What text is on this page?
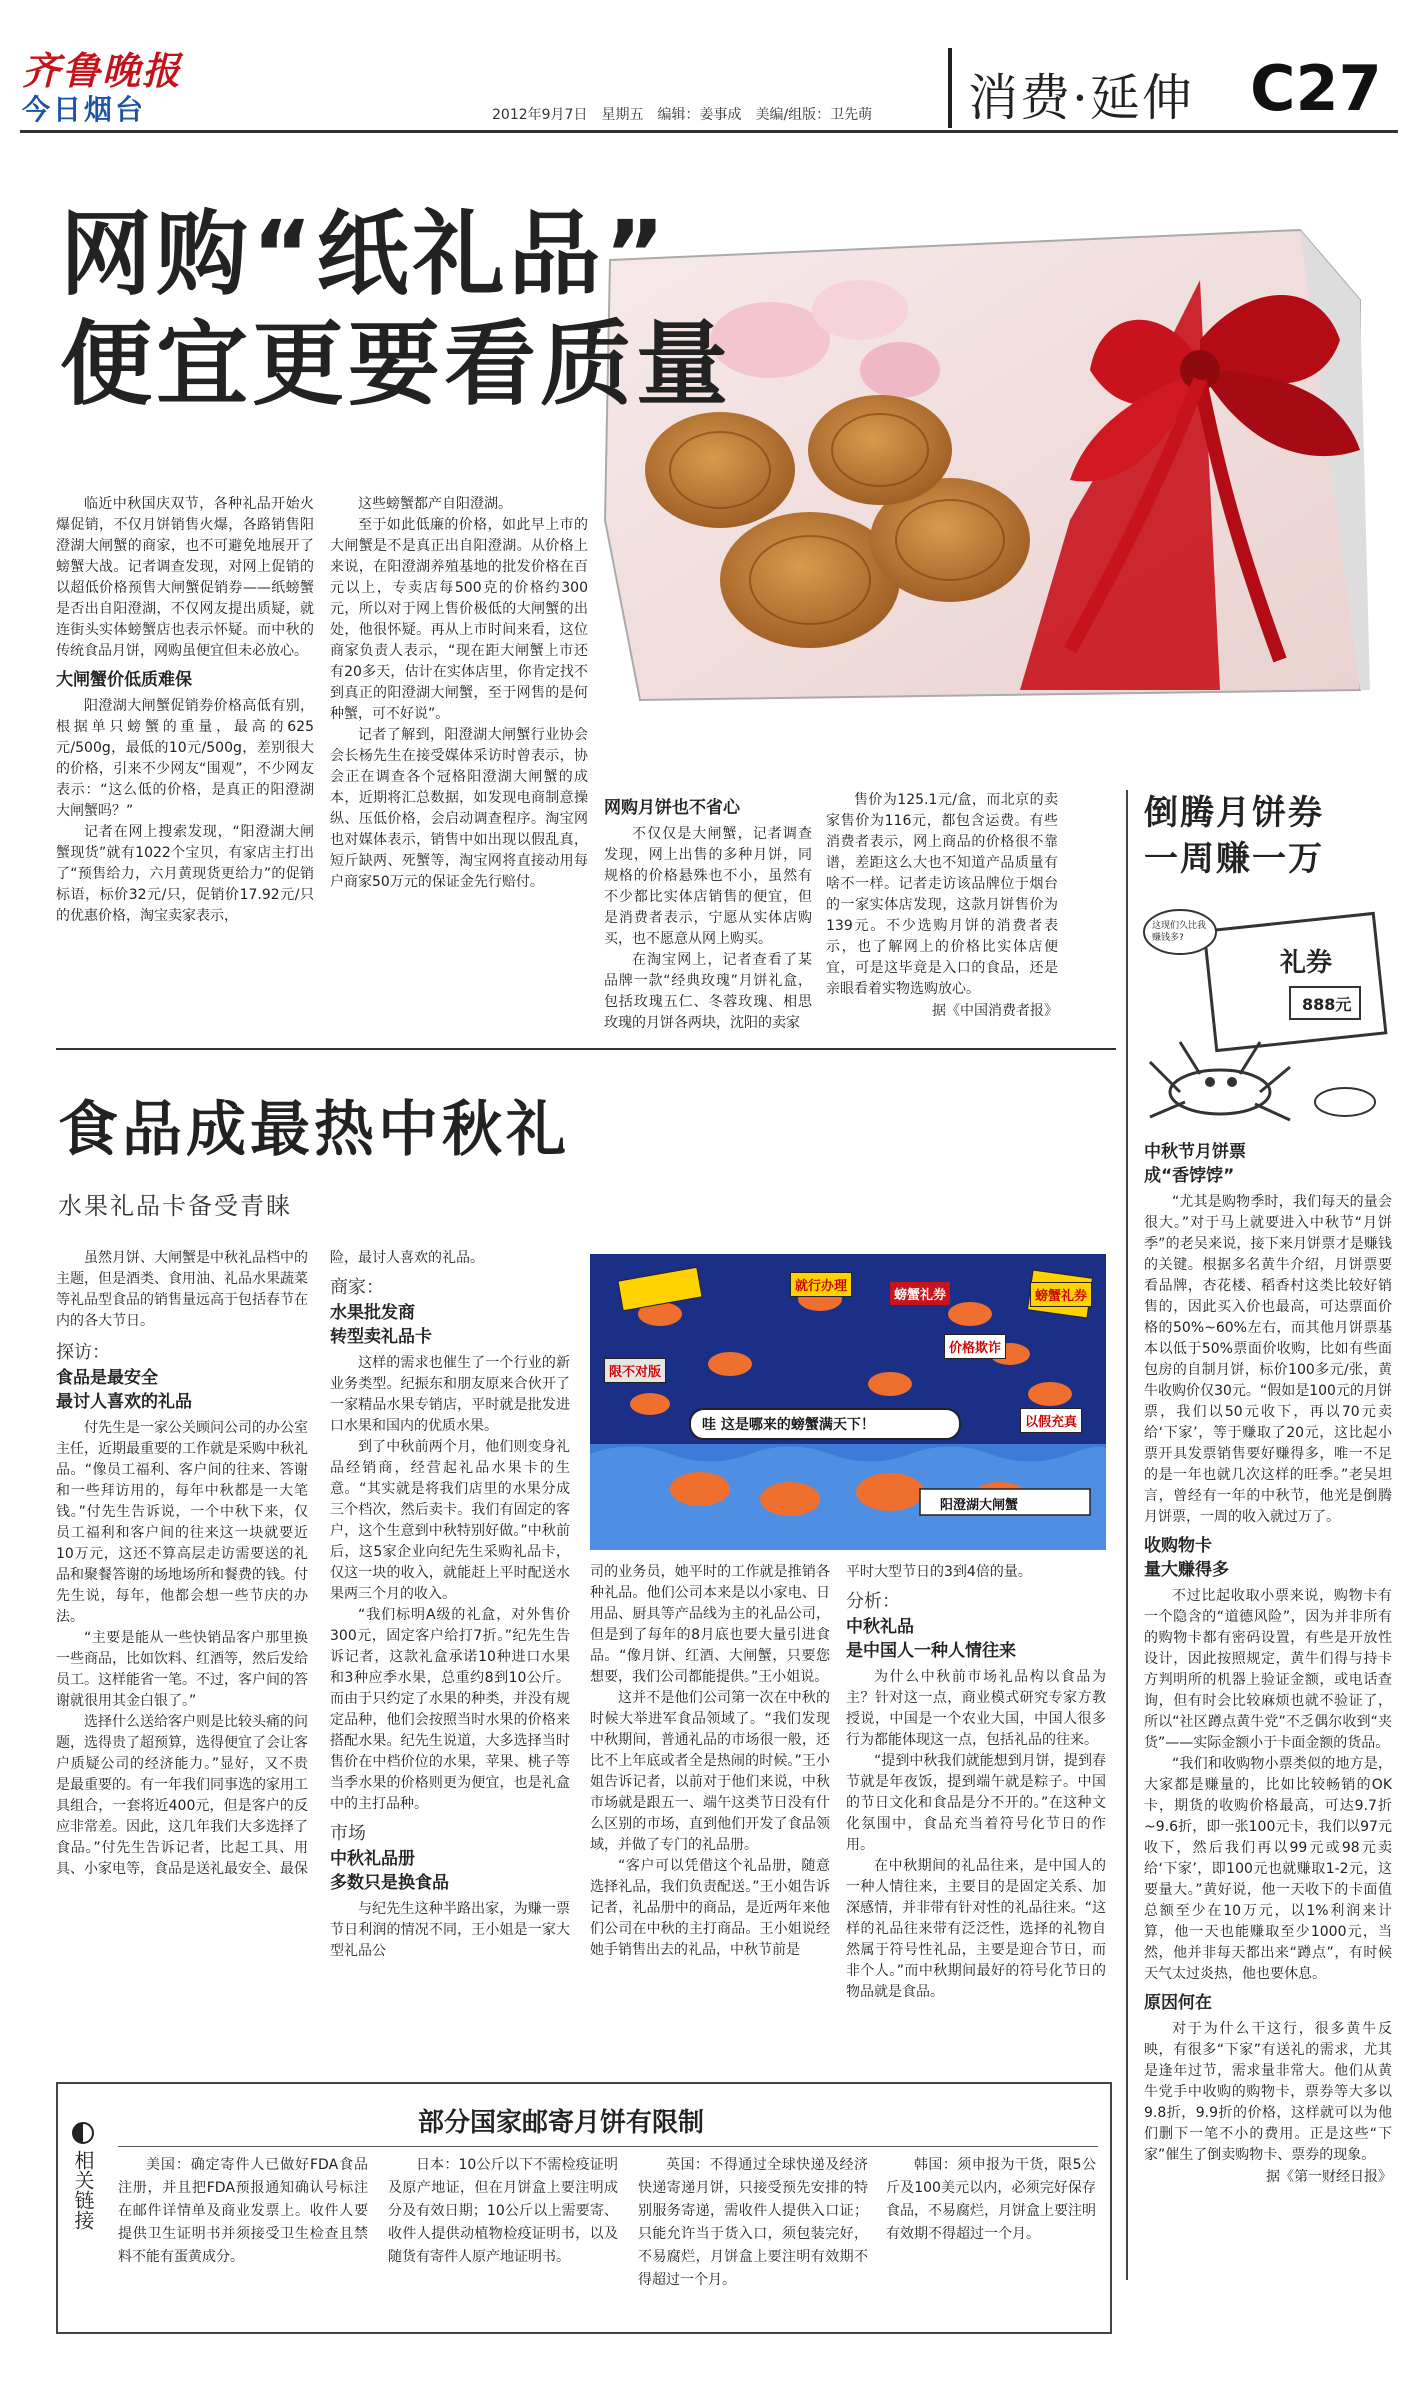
齐鲁晚报
今日烟台	2012年9月7日　星期五　编辑：姜事成　美编/组版：卫先萌 消费·延伸 C27
网购“纸礼品”
便宜更要看质量

临近中秋国庆双节，各种礼品开始火爆促销，不仅月饼销售火爆，各路销售阳澄湖大闸蟹的商家，也不可避免地展开了螃蟹大战。记者调查发现，对网上促销的以超低价格预售大闸蟹促销券——纸螃蟹是否出自阳澄湖，不仅网友提出质疑，就连街头实体螃蟹店也表示怀疑。而中秋的传统食品月饼，网购虽便宜但未必放心。

大闸蟹价低质难保

阳澄湖大闸蟹促销券价格高低有别，根据单只螃蟹的重量，最高的625元/500g，最低的10元/500g，差别很大的价格，引来不少网友“围观”，不少网友表示：“这么低的价格，是真正的阳澄湖大闸蟹吗？”

记者在网上搜索发现，“阳澄湖大闸蟹现货”就有1022个宝贝，有家店主打出了“预售给力，六月黄现货更给力”的促销标语，标价32元/只，促销价17.92元/只的优惠价格，淘宝卖家表示，

这些螃蟹都产自阳澄湖。

至于如此低廉的价格，如此早上市的大闸蟹是不是真正出自阳澄湖。从价格上来说，在阳澄湖养殖基地的批发价格在百元以上，专卖店每500克的价格约300元，所以对于网上售价极低的大闸蟹的出处，他很怀疑。再从上市时间来看，这位商家负责人表示，“现在距大闸蟹上市还有20多天，估计在实体店里，你肯定找不到真正的阳澄湖大闸蟹，至于网售的是何种蟹，可不好说”。

记者了解到，阳澄湖大闸蟹行业协会会长杨先生在接受媒体采访时曾表示，协会正在调查各个冠格阳澄湖大闸蟹的成本，近期将汇总数据，如发现电商制意操纵、压低价格，会启动调查程序。淘宝网也对媒体表示，销售中如出现以假乱真，短斤缺两、死蟹等，淘宝网将直接动用每户商家50万元的保证金先行赔付。

网购月饼也不省心

不仅仅是大闸蟹，记者调查发现，网上出售的多种月饼，同规格的价格悬殊也不小，虽然有不少都比实体店销售的便宜，但是消费者表示，宁愿从实体店购买，也不愿意从网上购买。

在淘宝网上，记者查看了某品牌一款“经典玫瑰”月饼礼盒，包括玫瑰五仁、冬蓉玫瑰、相思玫瑰的月饼各两块，沈阳的卖家

售价为125.1元/盒，而北京的卖家售价为116元，都包含运费。有些消费者表示，网上商品的价格很不靠谱，差距这么大也不知道产品质量有啥不一样。记者走访该品牌位于烟台的一家实体店发现，这款月饼售价为139元。不少选购月饼的消费者表示，也了解网上的价格比实体店便宜，可是这毕竟是入口的食品，还是亲眼看着实物选购放心。

据《中国消费者报》
倒腾月饼券
一周赚一万
礼券
888元
这现们久比我赚钱多?
中秋节月饼票
成“香饽饽”

“尤其是购物季时，我们每天的量会很大。”对于马上就要进入中秋节“月饼季”的老吴来说，接下来月饼票才是赚钱的关键。根据多名黄牛介绍，月饼票要看品牌，杏花楼、稻香村这类比较好销售的，因此买入价也最高，可达票面价格的50%~60%左右，而其他月饼票基本以低于50%票面价收购，比如有些面包房的自制月饼，标价100多元/张，黄牛收购价仅30元。“假如是100元的月饼票，我们以50元收下，再以70元卖给‘下家’，等于赚取了20元，这比起小票开具发票销售要好赚得多，唯一不足的是一年也就几次这样的旺季。”老吴坦言，曾经有一年的中秋节，他光是倒腾月饼票，一周的收入就过万了。

收购物卡
量大赚得多

不过比起收取小票来说，购物卡有一个隐含的“道德风险”，因为并非所有的购物卡都有密码设置，有些是开放性设计，因此按照规定，黄牛们得与持卡方判明所的机器上验证金额，或电话查询，但有时会比较麻烦也就不验证了，所以“社区蹲点黄牛党”不乏偶尔收到“夹货”——实际金额小于卡面金额的货品。

“我们和收购物小票类似的地方是，大家都是赚量的，比如比较畅销的OK卡，期货的收购价格最高，可达9.7折~9.6折，即一张100元卡，我们以97元收下，然后我们再以99元或98元卖给‘下家’，即100元也就赚取1-2元，这要量大。”黄好说，他一天收下的卡面值总额至少在10万元，以1%利润来计算，他一天也能赚取至少1000元，当然，他并非每天都出来“蹲点”，有时候天气太过炎热，他也要休息。

原因何在

对于为什么干这行，很多黄牛反映，有很多“下家”有送礼的需求，尤其是逢年过节，需求量非常大。他们从黄牛党手中收购的购物卡，票券等大多以9.8折，9.9折的价格，这样就可以为他们删下一笔不小的费用。正是这些“下家”催生了倒卖购物卡、票券的现象。

据《第一财经日报》
食品成最热中秋礼
水果礼品卡备受青睐
就行办理
螃蟹礼券
价格欺诈
限不对版
以假充真
螃蟹礼券
哇 这是哪来的螃蟹满天下！
阳澄湖大闸蟹

虽然月饼、大闸蟹是中秋礼品档中的主题，但是酒类、食用油、礼品水果蔬菜等礼品型食品的销售量远高于包括春节在内的各大节日。

探访：
食品是最安全
最讨人喜欢的礼品

付先生是一家公关顾问公司的办公室主任，近期最重要的工作就是采购中秋礼品。“像员工福利、客户间的往来、答谢和一些拜访用的，每年中秋都是一大笔钱。”付先生告诉说，一个中秋下来，仅员工福利和客户间的往来这一块就要近10万元，这还不算高层走访需要送的礼品和聚餐答谢的场地场所和餐费的钱。付先生说，每年，他都会想一些节庆的办法。

“主要是能从一些快销品客户那里换一些商品，比如饮料、红酒等，然后发给员工。这样能省一笔。不过，客户间的答谢就很用其金白银了。”

选择什么送给客户则是比较头痛的问题，选得贵了超预算，选得便宜了会让客户质疑公司的经济能力。”显好，又不贵是最重要的。有一年我们同事选的家用工具组合，一套将近400元，但是客户的反应非常差。因此，这几年我们大多选择了食品。”付先生告诉记者，比起工具、用具、小家电等，食品是送礼最安全、最保

险，最讨人喜欢的礼品。

商家：
水果批发商
转型卖礼品卡

这样的需求也催生了一个行业的新业务类型。纪振东和朋友原来合伙开了一家精品水果专销店，平时就是批发进口水果和国内的优质水果。

到了中秋前两个月，他们则变身礼品经销商，经营起礼品水果卡的生意。“其实就是将我们店里的水果分成三个档次，然后卖卡。我们有固定的客户，这个生意到中秋特别好做。”中秋前后，这5家企业向纪先生采购礼品卡，仅这一块的收入，就能赶上平时配送水果两三个月的收入。

“我们标明A级的礼盒，对外售价300元，固定客户给打7折。”纪先生告诉记者，这款礼盒承诺10种进口水果和3种应季水果，总重约8到10公斤。而由于只约定了水果的种类，并没有规定品种，他们会按照当时水果的价格来搭配水果。纪先生说道，大多选择当时售价在中档价位的水果，苹果、桃子等当季水果的价格则更为便宜，也是礼盒中的主打品种。

市场
中秋礼品册
多数只是换食品

与纪先生这种半路出家，为赚一票节日利润的情况不同，王小姐是一家大型礼品公

司的业务员，她平时的工作就是推销各种礼品。他们公司本来是以小家电、日用品、厨具等产品线为主的礼品公司，但是到了每年的8月底也要大量引进食品。“像月饼、红酒、大闸蟹，只要您想要，我们公司都能提供。”王小姐说。

这并不是他们公司第一次在中秋的时候大举进军食品领域了。“我们发现中秋期间，普通礼品的市场很一般，还比不上年底或者全是热闹的时候。”王小姐告诉记者，以前对于他们来说，中秋市场就是跟五一、端午这类节日没有什么区别的市场，直到他们开发了食品领域，并做了专门的礼品册。

“客户可以凭借这个礼品册，随意选择礼品，我们负责配送。”王小姐告诉记者，礼品册中的商品，是近两年来他们公司在中秋的主打商品。王小姐说经她手销售出去的礼品，中秋节前是

平时大型节日的3到4倍的量。

分析：
中秋礼品
是中国人一种人情往来

为什么中秋前市场礼品构以食品为主？针对这一点，商业模式研究专家方教授说，中国是一个农业大国，中国人很多行为都能体现这一点，包括礼品的往来。

“提到中秋我们就能想到月饼，提到春节就是年夜饭，提到端午就是粽子。中国的节日文化和食品是分不开的。”在这种文化氛围中，食品充当着符号化节日的作用。

在中秋期间的礼品往来，是中国人的一种人情往来，主要目的是固定关系、加深感情，并非带有针对性的礼品往来。“这样的礼品往来带有泛泛性，选择的礼物自然属于符号性礼品，主要是迎合节日，而非个人。”而中秋期间最好的符号化节日的物品就是食品。

相关链接
部分国家邮寄月饼有限制
美国：确定寄件人已做好FDA食品注册，并且把FDA预报通知确认号标注在邮件详情单及商业发票上。收件人要提供卫生证明书并须接受卫生检查且禁料不能有蛋黄成分。
日本：10公斤以下不需检疫证明及原产地证，但在月饼盒上要注明成分及有效日期；10公斤以上需要寄、收件人提供动植物检疫证明书，以及随货有寄件人原产地证明书。
英国：不得通过全球快递及经济快递寄递月饼，只接受预先安排的特别服务寄递，需收件人提供入口证；只能允许当于货入口，须包装完好，不易腐烂，月饼盒上要注明有效期不得超过一个月。
韩国：须申报为干货，限5公斤及100美元以内，必须完好保存食品，不易腐烂，月饼盒上要注明有效期不得超过一个月。
